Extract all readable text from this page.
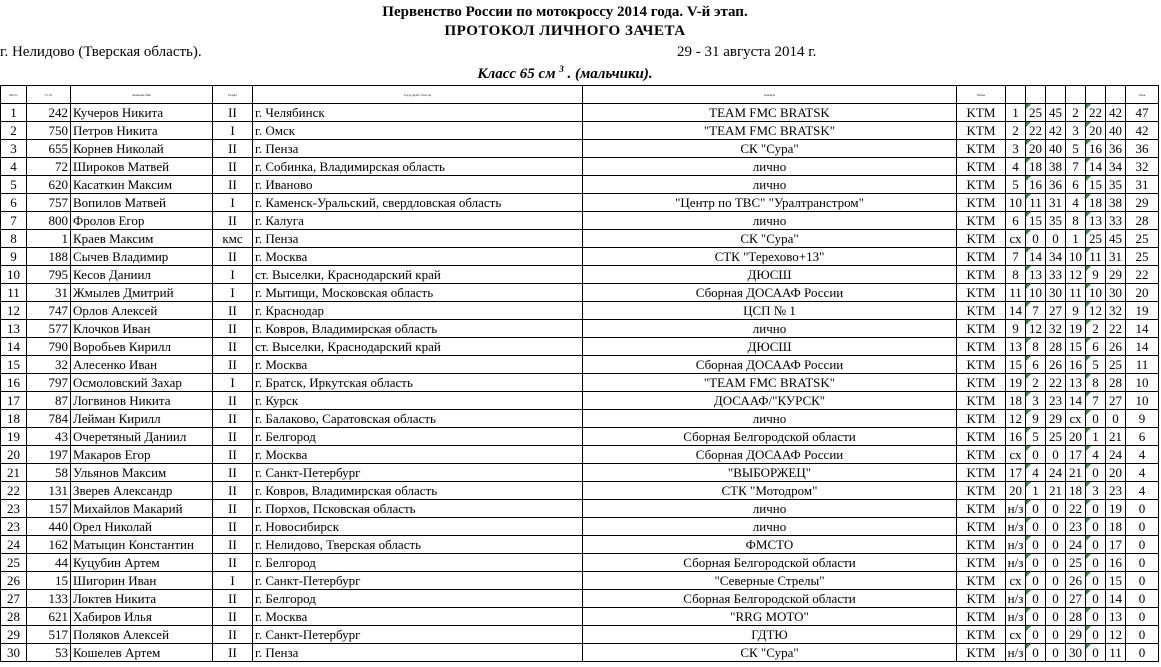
Первенство России по мотокроссу 2014 года. V-й этап.
ПРОТОКОЛ ЛИЧНОГО ЗАЧЕТА
г. Нелидово (Тверская область).	29 - 31 августа 2014 г.
Класс 65 см $^3$ . (мальчики).
Место	Ст. №	Фамилия, Имя	Разряд	Город (край, область)	Команда	Марка							Очки
1	242	Кучеров Никита	II	г. Челябинск	TEAM FMC BRATSK	KTM	1	25	45	2	22	42	47
2	750	Петров Никита	I	г. Омск	"TEAM FMC BRATSK"	KTM	2	22	42	3	20	40	42
3	655	Корнев Николай	II	г. Пенза	СК "Сура"	KTM	3	20	40	5	16	36	36
4	72	Широков Матвей	II	г. Собинка, Владимирская область	лично	KTM	4	18	38	7	14	34	32
5	620	Касаткин Максим	II	г. Иваново	лично	KTM	5	16	36	6	15	35	31
6	757	Вопилов Матвей	I	г. Каменск-Уральский, свердловская область	"Центр по ТВС" "Уралтранстром"	KTM	10	11	31	4	18	38	29
7	800	Фролов Егор	II	г. Калуга	лично	KTM	6	15	35	8	13	33	28
8	1	Краев Максим	кмс	г. Пенза	СК "Сура"	KTM	сх	0	0	1	25	45	25
9	188	Сычев Владимир	II	г. Москва	СТК "Терехово+13"	KTM	7	14	34	10	11	31	25
10	795	Кесов Даниил	I	ст. Выселки, Краснодарский край	ДЮСШ	KTM	8	13	33	12	9	29	22
11	31	Жмылев Дмитрий	I	г. Мытищи, Московская область	Сборная ДОСААФ России	KTM	11	10	30	11	10	30	20
12	747	Орлов Алексей	II	г. Краснодар	ЦСП № 1	KTM	14	7	27	9	12	32	19
13	577	Клочков Иван	II	г. Ковров, Владимирская область	лично	KTM	9	12	32	19	2	22	14
14	790	Воробьев Кирилл	II	ст. Выселки, Краснодарский край	ДЮСШ	KTM	13	8	28	15	6	26	14
15	32	Алесенко Иван	II	г. Москва	Сборная ДОСААФ России	KTM	15	6	26	16	5	25	11
16	797	Осмоловский Захар	I	г. Братск, Иркутская область	"TEAM FMC BRATSK"	KTM	19	2	22	13	8	28	10
17	87	Логвинов Никита	II	г. Курск	ДОСААФ/"КУРСК"	KTM	18	3	23	14	7	27	10
18	784	Лейман Кирилл	II	г. Балаково, Саратовская область	лично	KTM	12	9	29	сх	0	0	9
19	43	Очеретяный Даниил	II	г. Белгород	Сборная Белгородской области	KTM	16	5	25	20	1	21	6
20	197	Макаров Егор	II	г. Москва	Сборная ДОСААФ России	KTM	сх	0	0	17	4	24	4
21	58	Ульянов Максим	II	г. Санкт-Петербург	"ВЫБОРЖЕЦ"	KTM	17	4	24	21	0	20	4
22	131	Зверев Александр	II	г. Ковров, Владимирская область	СТК "Мотодром"	KTM	20	1	21	18	3	23	4
23	157	Михайлов Макарий	II	г. Порхов, Псковская область	лично	KTM	н/з	0	0	22	0	19	0
23	440	Орел Николай	II	г. Новосибирск	лично	KTM	н/з	0	0	23	0	18	0
24	162	Матыцин Константин	II	г. Нелидово, Тверская область	ФМСТО	KTM	н/з	0	0	24	0	17	0
25	44	Куцубин Артем	II	г. Белгород	Сборная Белгородской области	KTM	н/з	0	0	25	0	16	0
26	15	Шигорин Иван	I	г. Санкт-Петербург	"Северные Стрелы"	KTM	сх	0	0	26	0	15	0
27	133	Локтев Никита	II	г. Белгород	Сборная Белгородской области	KTM	н/з	0	0	27	0	14	0
28	621	Хабиров Илья	II	г. Москва	"RRG MOTO"	KTM	н/з	0	0	28	0	13	0
29	517	Поляков Алексей	II	г. Санкт-Петербург	ГДТЮ	KTM	сх	0	0	29	0	12	0
30	53	Кошелев Артем	II	г. Пенза	СК "Сура"	KTM	н/з	0	0	30	0	11	0
